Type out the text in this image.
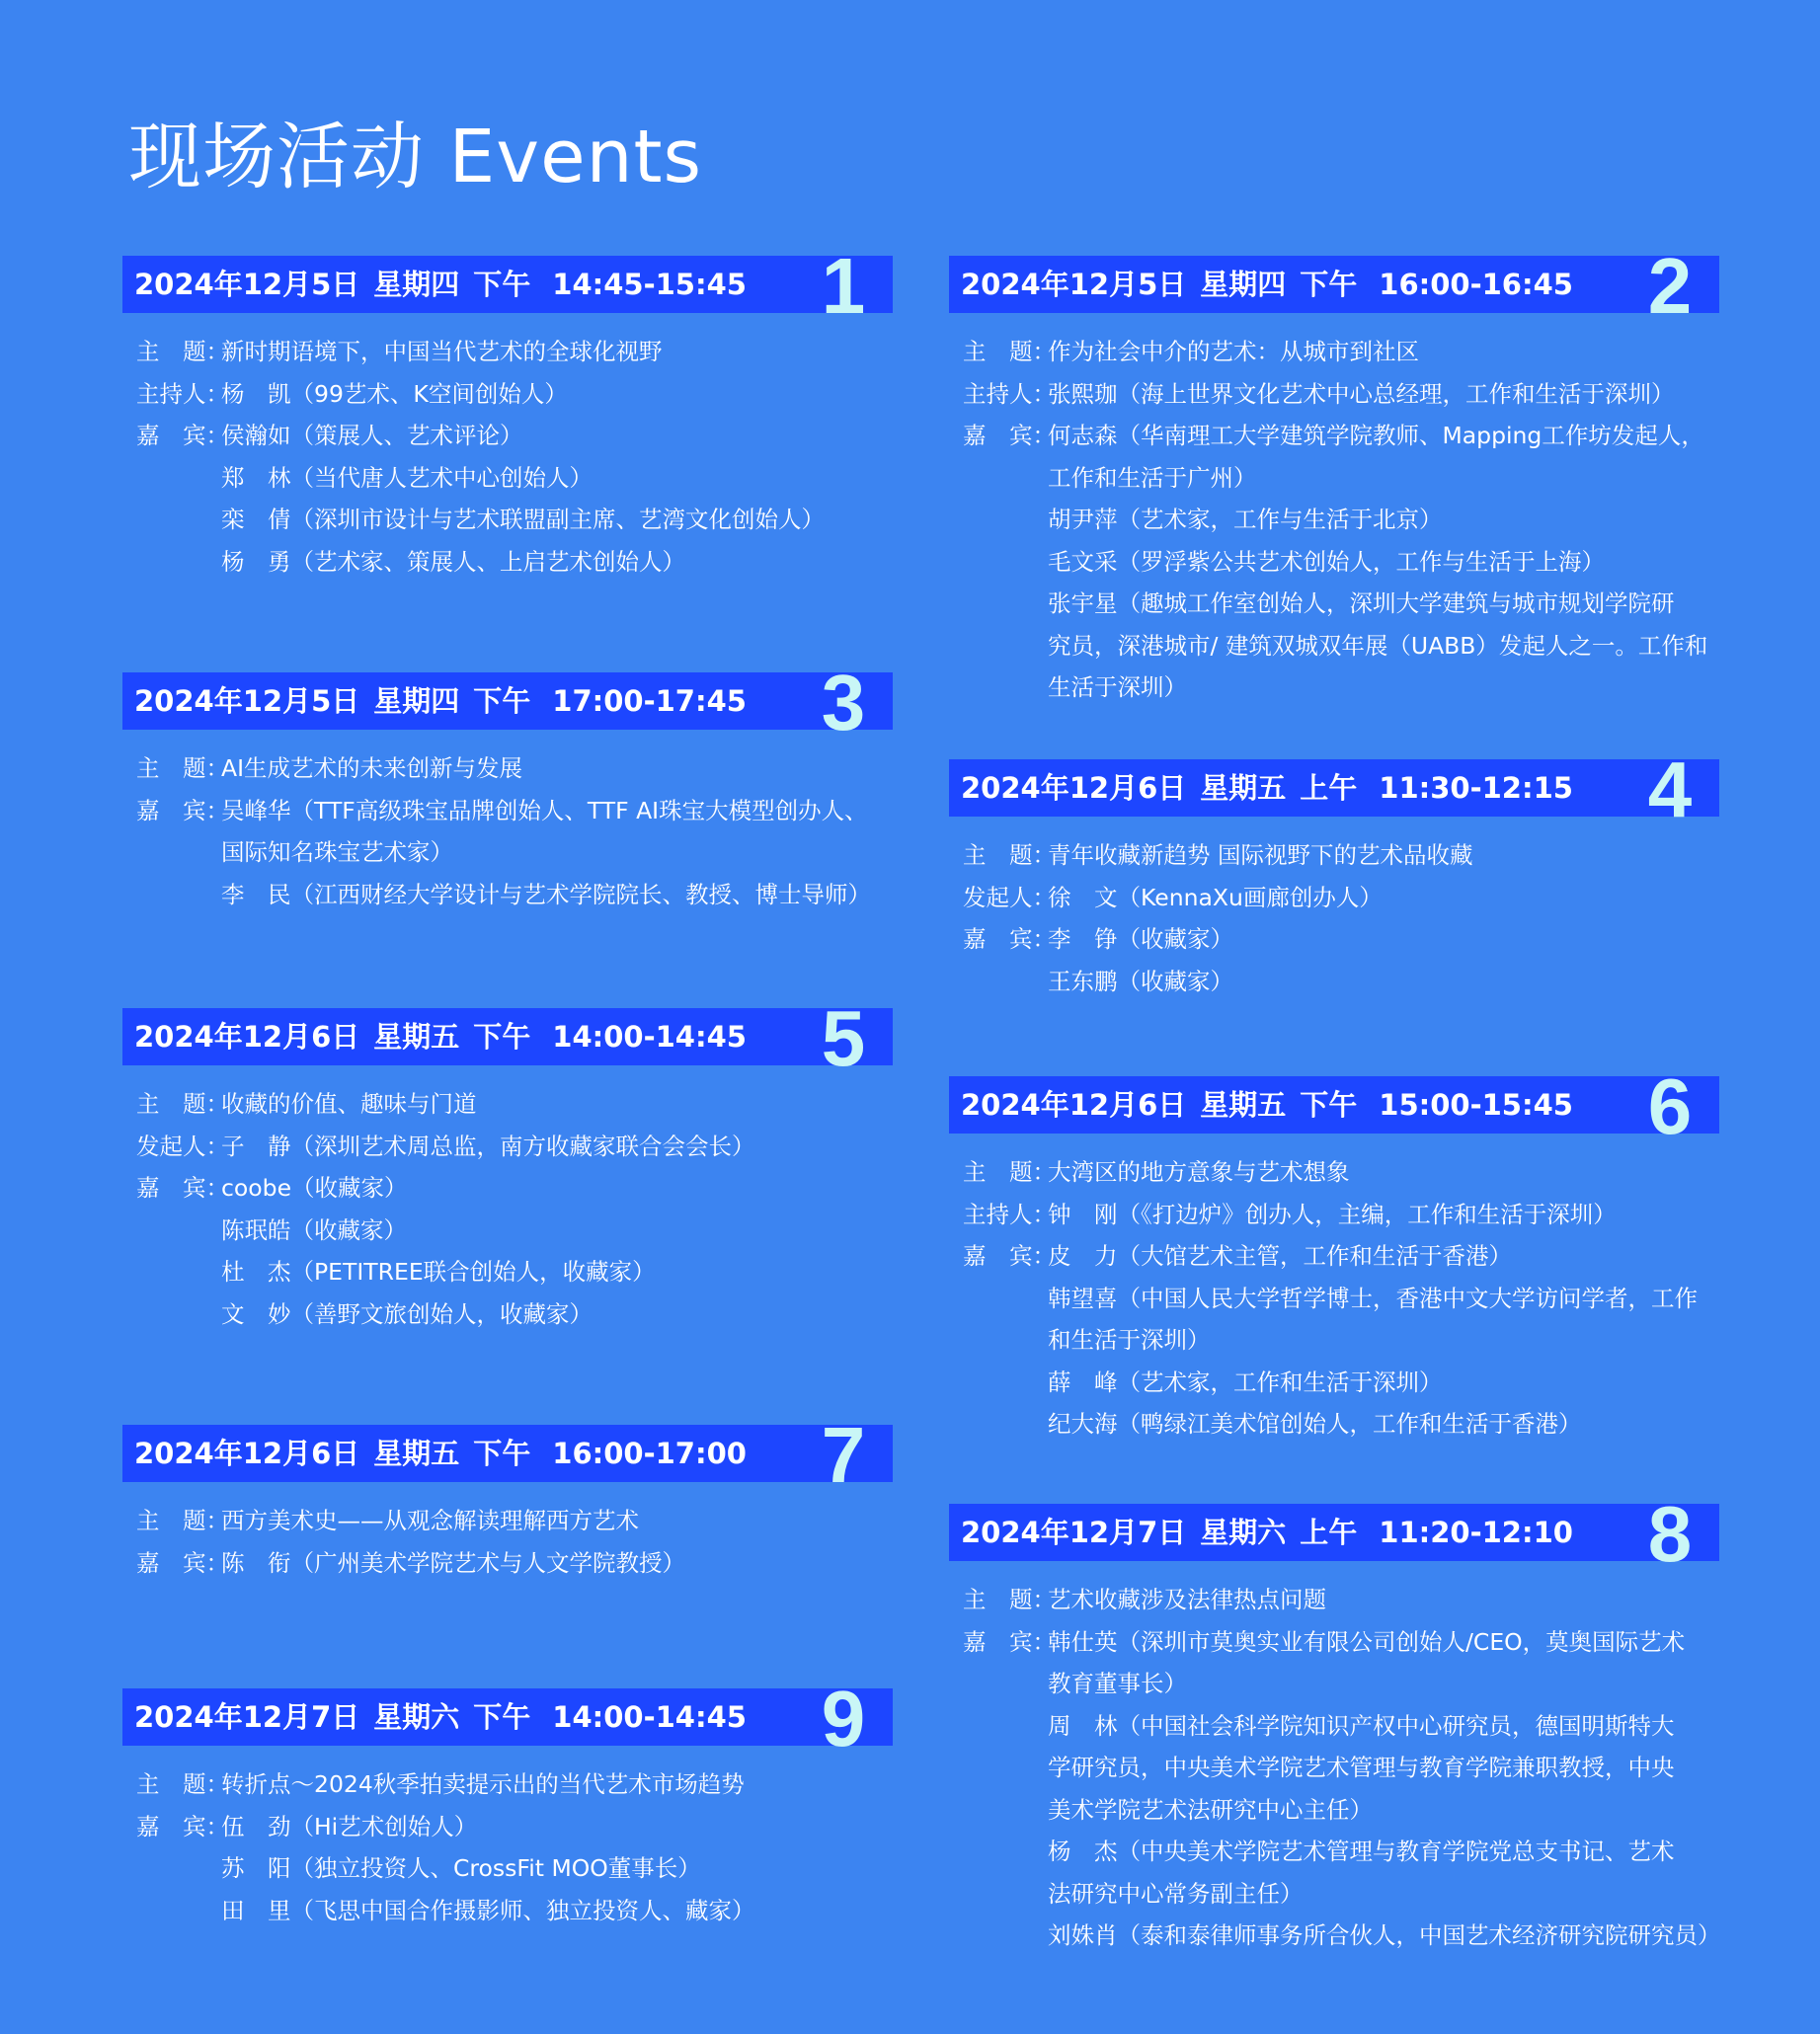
现场活动 Events
2024年12月5日 星期四 下午 14:45-15:45 1
主　题：
新时期语境下，中国当代艺术的全球化视野
主持人：
杨　凯（99艺术、K空间创始人）
嘉　宾：
侯瀚如（策展人、艺术评论）
郑　林（当代唐人艺术中心创始人）
栾　倩（深圳市设计与艺术联盟副主席、艺湾文化创始人）
杨　勇（艺术家、策展人、上启艺术创始人）
2024年12月5日 星期四 下午 16:00-16:45 2
主　题：
作为社会中介的艺术：从城市到社区
主持人：
张熙珈（海上世界文化艺术中心总经理，工作和生活于深圳）
嘉　宾：
何志森（华南理工大学建筑学院教师、Mapping工作坊发起人，
工作和生活于广州）
胡尹萍（艺术家，工作与生活于北京）
毛文采（罗浮紫公共艺术创始人，工作与生活于上海）
张宇星（趣城工作室创始人，深圳大学建筑与城市规划学院研
究员，深港城市/ 建筑双城双年展（UABB）发起人之一。工作和
生活于深圳）
2024年12月5日 星期四 下午 17:00-17:45 3
主　题：
AI生成艺术的未来创新与发展
嘉　宾：
吴峰华（TTF高级珠宝品牌创始人、TTF AI珠宝大模型创办人、
国际知名珠宝艺术家）
李　民（江西财经大学设计与艺术学院院长、教授、博士导师）
2024年12月6日 星期五 上午 11:30-12:15 4
主　题：
青年收藏新趋势 国际视野下的艺术品收藏
发起人：
徐　文（KennaXu画廊创办人）
嘉　宾：
李　铮（收藏家）
王东鹏（收藏家）
2024年12月6日 星期五 下午 14:00-14:45 5
主　题：
收藏的价值、趣味与门道
发起人：
子　静（深圳艺术周总监，南方收藏家联合会会长）
嘉　宾：
coobe（收藏家）
陈珉皓（收藏家）
杜　杰（PETITREE联合创始人，收藏家）
文　妙（善野文旅创始人，收藏家）
2024年12月6日 星期五 下午 15:00-15:45 6
主　题：
大湾区的地方意象与艺术想象
主持人：
钟　刚（《打边炉》创办人，主编，工作和生活于深圳）
嘉　宾：
皮　力（大馆艺术主管，工作和生活于香港）
韩望喜（中国人民大学哲学博士，香港中文大学访问学者，工作
和生活于深圳）
薛　峰（艺术家，工作和生活于深圳）
纪大海（鸭绿江美术馆创始人，工作和生活于香港）
2024年12月6日 星期五 下午 16:00-17:00 7
主　题：
西方美术史——从观念解读理解西方艺术
嘉　宾：
陈　衔（广州美术学院艺术与人文学院教授）
2024年12月7日 星期六 上午 11:20-12:10 8
主　题：
艺术收藏涉及法律热点问题
嘉　宾：
韩仕英（深圳市莫奥实业有限公司创始人/CEO，莫奥国际艺术
教育董事长）
周　林（中国社会科学院知识产权中心研究员，德国明斯特大
学研究员，中央美术学院艺术管理与教育学院兼职教授，中央
美术学院艺术法研究中心主任）
杨　杰（中央美术学院艺术管理与教育学院党总支书记、艺术
法研究中心常务副主任）
刘姝肖（泰和泰律师事务所合伙人，中国艺术经济研究院研究员）
2024年12月7日 星期六 下午 14:00-14:45 9
主　题：
转折点～2024秋季拍卖提示出的当代艺术市场趋势
嘉　宾：
伍　劲（Hi艺术创始人）
苏　阳（独立投资人、CrossFit MOO董事长）
田　里（飞思中国合作摄影师、独立投资人、藏家）
